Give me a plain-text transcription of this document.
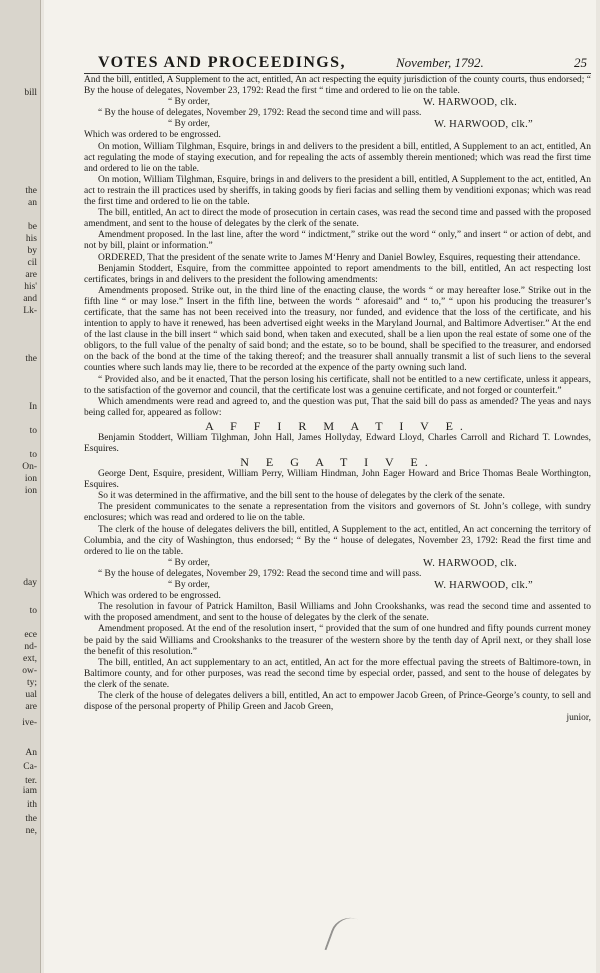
bill
the
an
be
his
by
cil
are
his'
and
Lk-
the
In
to
to
On-
ion
ion
day
to
ece
nd-
ext,
ow-
ty;
ual
are
ive-
An
Ca-
ter.
iam
ith
the
ne,
VOTES AND PROCEEDINGS,	November, 1792.	25

And the bill, entitled, A Supplement to the act, entitled, An act respecting the equity jurisdiction of the county courts, thus endorsed; “ By the house of delegates, November 23, 1792: Read the first “ time and ordered to lie on the table.

“ By order,	W. HARWOOD, clk.

“ By the house of delegates, November 29, 1792: Read the second time and will pass.

“ By order,	W. HARWOOD, clk.”

Which was ordered to be engrossed.

On motion, William Tilghman, Esquire, brings in and delivers to the president a bill, entitled, A Supplement to an act, entitled, An act regulating the mode of staying execution, and for repealing the acts of assembly therein mentioned; which was read the first time and ordered to lie on the table.

On motion, William Tilghman, Esquire, brings in and delivers to the president a bill, entitled, A Supplement to the act, entitled, An act to restrain the ill practices used by sheriffs, in taking goods by fieri facias and selling them by venditioni exponas; which was read the first time and ordered to lie on the table.

The bill, entitled, An act to direct the mode of prosecution in certain cases, was read the second time and passed with the proposed amendment, and sent to the house of delegates by the clerk of the senate.

Amendment proposed. In the last line, after the word “ indictment,” strike out the word “ only,” and insert “ or action of debt, and not by bill, plaint or information.”

ORDERED, That the president of the senate write to James M‘Henry and Daniel Bowley, Esquires, requesting their attendance.

Benjamin Stoddert, Esquire, from the committee appointed to report amendments to the bill, entitled, An act respecting lost certificates, brings in and delivers to the president the following amendments:

Amendments proposed. Strike out, in the third line of the enacting clause, the words “ or may hereafter lose.” Strike out in the fifth line “ or may lose.” Insert in the fifth line, between the words “ aforesaid” and “ to,” “ upon his producing the treasurer’s certificate, that the same has not been received into the treasury, nor funded, and evidence that the loss of the certificate, and his intention to apply to have it renewed, has been advertised eight weeks in the Maryland Journal, and Baltimore Advertiser.” At the end of the last clause in the bill insert “ which said bond, when taken and executed, shall be a lien upon the real estate of some one of the obligors, to the full value of the penalty of said bond; and the estate, so to be bound, shall be specified to the treasurer, and endorsed on the back of the bond at the time of the taking thereof; and the treasurer shall annually transmit a list of such liens to the several counties where such lands may lie, there to be recorded at the expence of the party owning such land.

“ Provided also, and be it enacted, That the person losing his certificate, shall not be entitled to a new certificate, unless it appears, to the satisfaction of the governor and council, that the certificate lost was a genuine certificate, and not forged or counterfeit.”

Which amendments were read and agreed to, and the question was put, That the said bill do pass as amended? The yeas and nays being called for, appeared as follow:

A F F I R M A T I V E.

Benjamin Stoddert, William Tilghman, John Hall, James Hollyday, Edward Lloyd, Charles Carroll and Richard T. Lowndes, Esquires.

N E G A T I V E.

George Dent, Esquire, president, William Perry, William Hindman, John Eager Howard and Brice Thomas Beale Worthington, Esquires.

So it was determined in the affirmative, and the bill sent to the house of delegates by the clerk of the senate.

The president communicates to the senate a representation from the visitors and governors of St. John’s college, with sundry enclosures; which was read and ordered to lie on the table.

The clerk of the house of delegates delivers the bill, entitled, A Supplement to the act, entitled, An act concerning the territory of Columbia, and the city of Washington, thus endorsed; “ By the “ house of delegates, November 23, 1792: Read the first time and ordered to lie on the table.

“ By order,	W. HARWOOD, clk.

“ By the house of delegates, November 29, 1792: Read the second time and will pass.

“ By order,	W. HARWOOD, clk.”

Which was ordered to be engrossed.

The resolution in favour of Patrick Hamilton, Basil Williams and John Crookshanks, was read the second time and assented to with the proposed amendment, and sent to the house of delegates by the clerk of the senate.

Amendment proposed. At the end of the resolution insert, “ provided that the sum of one hundred and fifty pounds current money be paid by the said Williams and Crookshanks to the treasurer of the western shore by the tenth day of April next, or they shall lose the benefit of this resolution.”

The bill, entitled, An act supplementary to an act, entitled, An act for the more effectual paving the streets of Baltimore-town, in Baltimore county, and for other purposes, was read the second time by especial order, passed, and sent to the house of delegates by the clerk of the senate.

The clerk of the house of delegates delivers a bill, entitled, An act to empower Jacob Green, of Prince-George’s county, to sell and dispose of the personal property of Philip Green and Jacob Green,

junior,
